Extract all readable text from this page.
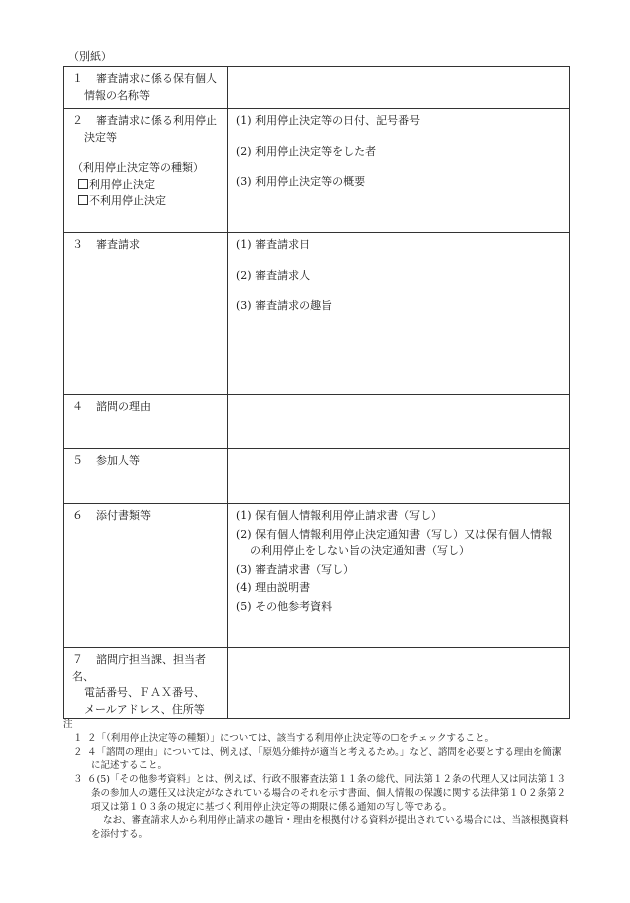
（別紙）
１ 審査請求に係る保有個人
情報の名称等	

２ 審査請求に係る利用停止
決定等
（利用停止決定等の種類）
利用停止決定
不利用停止決定	(1) 利用停止決定等の日付、記号番号
(2) 利用停止決定等をした者
(3) 利用停止決定等の概要

３ 審査請求	(1) 審査請求日
(2) 審査請求人
(3) 審査請求の趣旨

４ 諮問の理由	

５ 参加人等	

６ 添付書類等	(1) 保有個人情報利用停止請求書（写し）
(2) 保有個人情報利用停止決定通知書（写し）又は保有個人情報の利用停止をしない旨の決定通知書（写し）
(3) 審査請求書（写し）
(4) 理由説明書
(5) その他参考資料

７ 諮問庁担当課、担当者名、
電話番号、ＦＡＸ番号、
メールアドレス、住所等	

注
１ ２「（利用停止決定等の種類）」については、該当する利用停止決定等の☐をチェックすること。
２ ４「諮問の理由」については、例えば、「原処分維持が適当と考えるため。」など、諮問を必要とする理由を簡潔に記述すること。
３ ６(5)「その他参考資料」とは、例えば、行政不服審査法第１１条の総代、同法第１２条の代理人又は同法第１３条の参加人の選任又は決定がなされている場合のそれを示す書面、個人情報の保護に関する法律第１０２条第２項又は第１０３条の規定に基づく利用停止決定等の期限に係る通知の写し等である。
なお、審査請求人から利用停止請求の趣旨・理由を根拠付ける資料が提出されている場合には、当該根拠資料を添付する。
